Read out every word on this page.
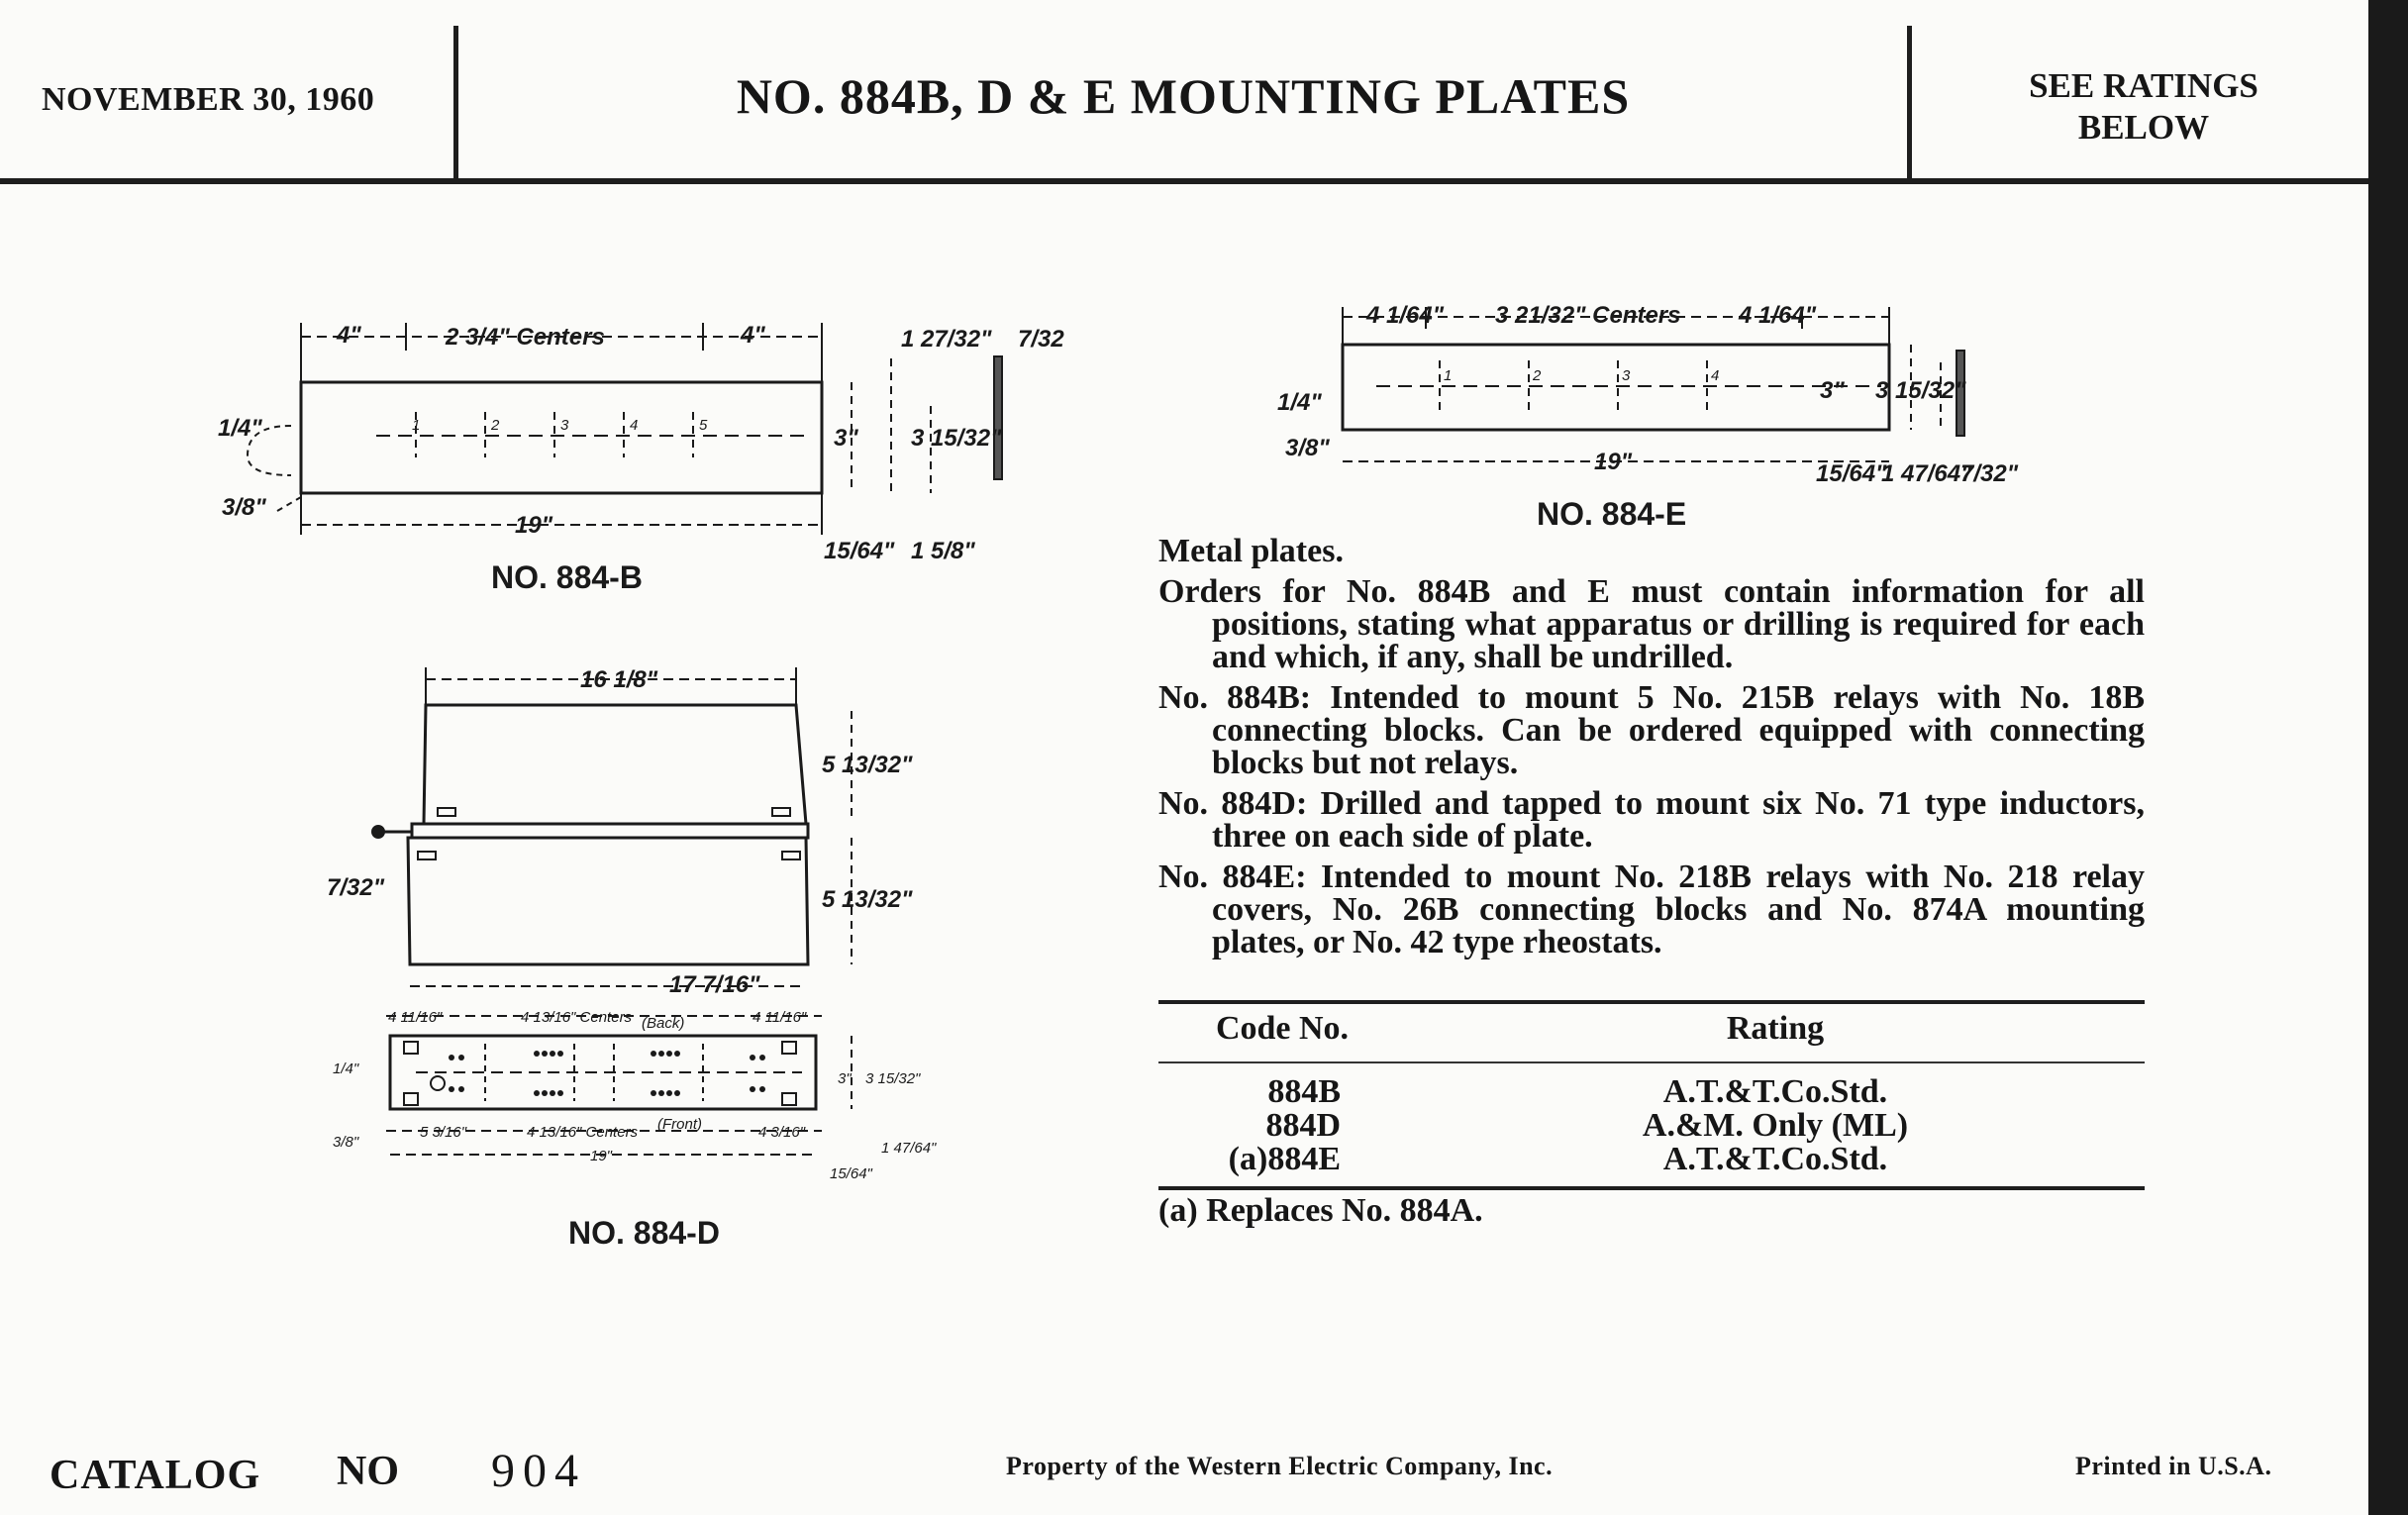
NOVEMBER 30, 1960	NO. 884B, D & E MOUNTING PLATES	SEE RATINGS
BELOW
4"	2 3/4" Centers	4"	1 27/32" 7/32
3" 3 15/32"
1/4"
3/8"
19"
15/64" 1 5/8"
1	2	3	4	5
NO. 884-B
4 1/64" 3 21/32" Centers 4 1/64"
3" 3 15/32"
1/4"
3/8"
19"	15/64"
1 47/64"
7/32"
1	2	3	4
NO. 884-E
16 1/8"
5 13/32"
5 13/32"
7/32"
17 7/16"
4 11/16"	4 13/16" Centers (Back)	4 11/16"
5 3/16"	4 13/16" Centers (Front)	4 3/16"
19"
3" 3 15/32"
1/4"
3/8"
15/64"
1 47/64"
NO. 884-D

Metal plates.

Orders for No. 884B and E must contain information for all positions, stating what apparatus or drilling is required for each and which, if any, shall be undrilled.

No. 884B: Intended to mount 5 No. 215B relays with No. 18B connecting blocks. Can be ordered equipped with connecting blocks but not relays.

No. 884D: Drilled and tapped to mount six No. 71 type inductors, three on each side of plate.

No. 884E: Intended to mount No. 218B relays with No. 218 relay covers, No. 26B connecting blocks and No. 874A mounting plates, or No. 42 type rheostats.

Code No.	Rating
884B	A.T.&T.Co.Std.
884D	A.&M. Only (ML)
(a)884E	A.T.&T.Co.Std.
(a) Replaces No. 884A.
CATALOG NO 904	Property of the Western Electric Company, Inc.	Printed in U.S.A.
